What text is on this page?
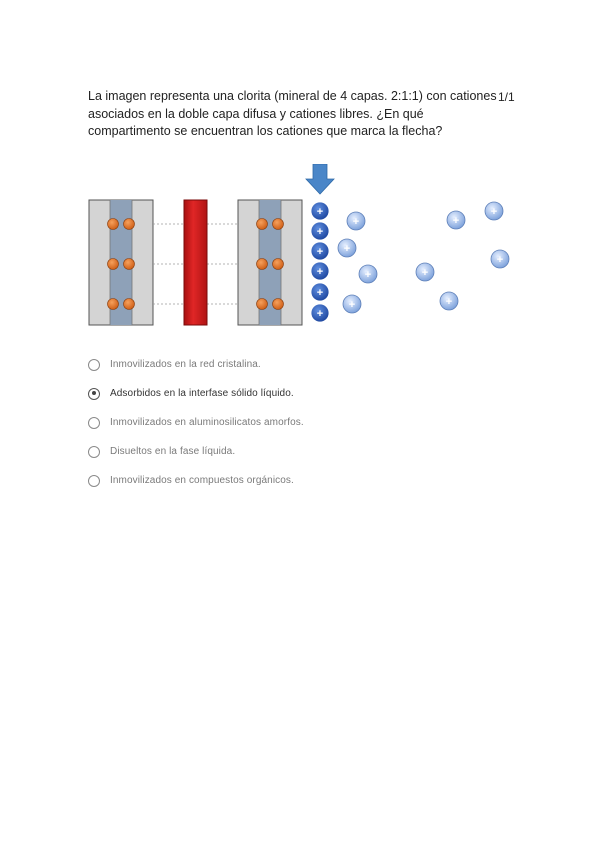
La imagen representa una clorita (mineral de 4 capas. 2:1:1) con cationes asociados en la doble capa difusa y cationes libres. ¿En qué compartimento se encuentran los cationes que marca la flecha?
1/1
+
+
+
+
+
+
+
+
+
+
+
+
+
+
+
Inmovilizados en la red cristalina.
Adsorbidos en la interfase sólido líquido.
Inmovilizados en aluminosilicatos amorfos.
Disueltos en la fase líquida.
Inmovilizados en compuestos orgánicos.
